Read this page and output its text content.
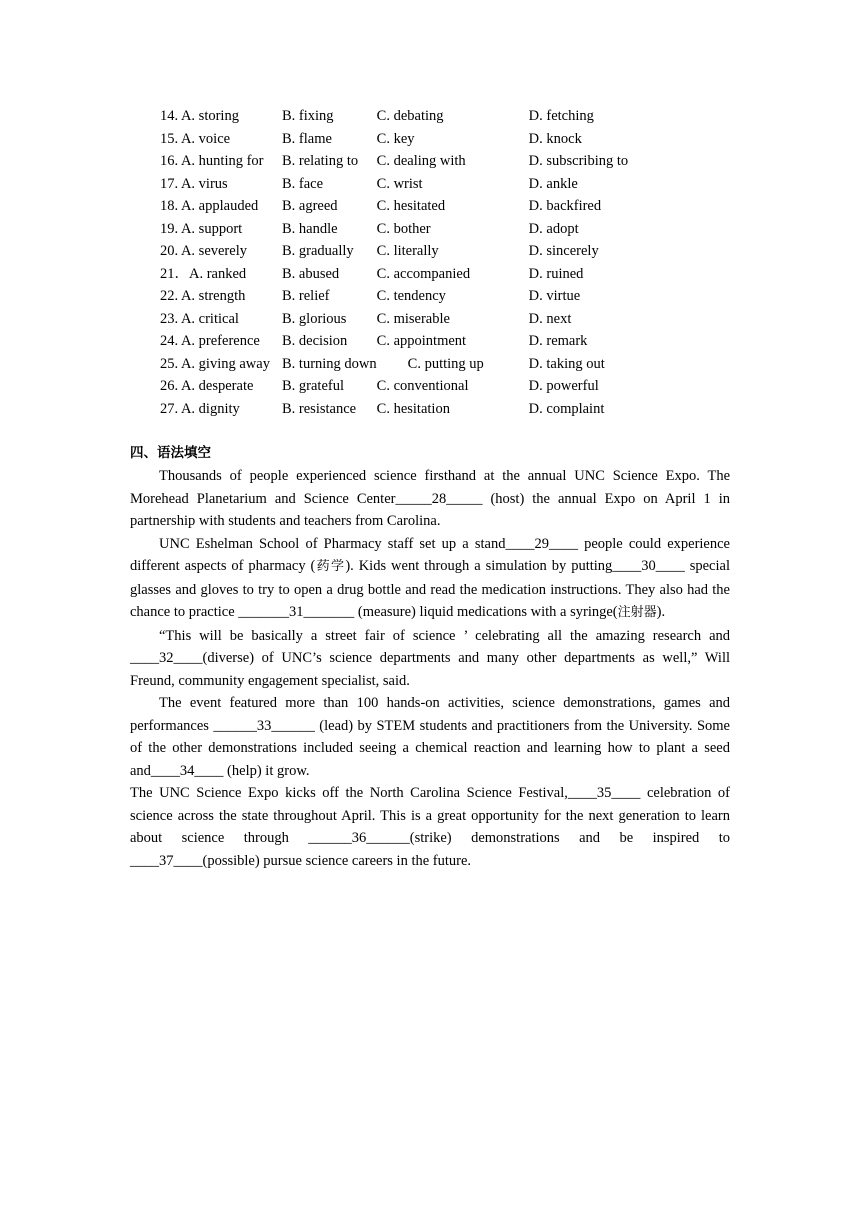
14. A. storing	B. fixing	C. debating	D. fetching
15. A. voice	B. flame	C. key	D. knock
16. A. hunting for	B. relating to	C. dealing with	D. subscribing to
17. A. virus	B. face	C. wrist	D. ankle
18. A. applauded	B. agreed	C. hesitated	D. backfired
19. A. support	B. handle	C. bother	D. adopt
20. A. severely	B. gradually	C. literally	D. sincerely
21．A. ranked	B. abused	C. accompanied	D. ruined
22. A. strength	B. relief	C. tendency	D. virtue
23. A. critical	B. glorious	C. miserable	D. next
24. A. preference	B. decision	C. appointment	D. remark
25. A. giving away	B. turning down	C. putting up	D. taking out
26. A. desperate	B. grateful	C. conventional	D. powerful
27. A. dignity	B. resistance	C. hesitation	D. complaint
四、语法填空

Thousands of people experienced science firsthand at the annual UNC Science Expo. The Morehead Planetarium and Science Center_____28_____ (host) the annual Expo on April 1 in partnership with students and teachers from Carolina.

UNC Eshelman School of Pharmacy staff set up a stand____29____ people could experience different aspects of pharmacy (药学). Kids went through a simulation by putting____30____ special glasses and gloves to try to open a drug bottle and read the medication instructions. They also had the chance to practice _______31_______ (measure) liquid medications with a syringe(注射器).

“This will be basically a street fair of science ’ celebrating all the amazing research and ____32____(diverse) of UNC’s science departments and many other departments as well,” Will Freund, community engagement specialist, said.

The event featured more than 100 hands-on activities, science demonstrations, games and performances ______33______ (lead) by STEM students and practitioners from the University. Some of the other demonstrations included seeing a chemical reaction and learning how to plant a seed and____34____ (help) it grow.

The UNC Science Expo kicks off the North Carolina Science Festival,____35____ celebration of science across the state throughout April. This is a great opportunity for the next generation to learn about science through ______36______(strike) demonstrations and be inspired to ____37____(possible) pursue science careers in the future.
